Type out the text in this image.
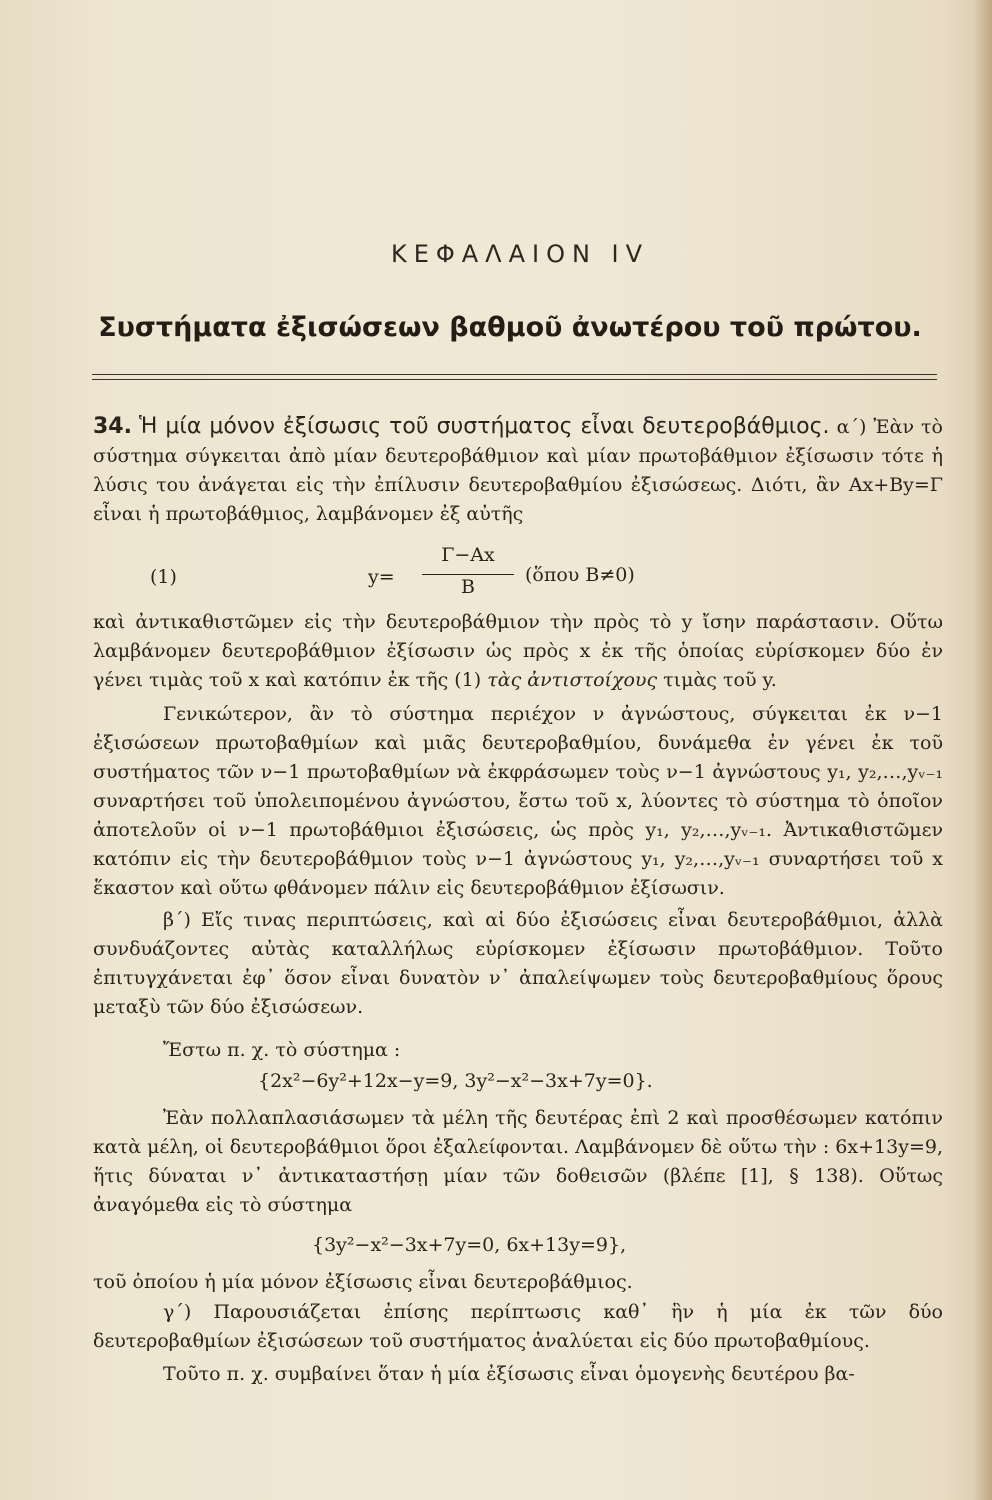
ΚΕΦΑΛΑΙΟΝ IV
Συστήματα ἐξισώσεων βαθμοῦ ἀνωτέρου τοῦ πρώτου.

34. Ἡ μία μόνον ἐξίσωσις τοῦ συστήματος εἶναι δευτεροβάθμιος. α΄) Ἐὰν τὸ σύστημα σύγκειται ἀπὸ μίαν δευτεροβάθμιον καὶ μίαν πρωτοβάθμιον ἐξίσωσιν τότε ἡ λύσις του ἀνάγεται εἰς τὴν ἐπίλυσιν δευτεροβαθμίου ἐξισώσεως. Διότι, ἂν Ax+By=Γ εἶναι ἡ πρωτοβάθμιος, λαμβάνομεν ἐξ αὐτῆς

(1)	y=
Γ−Ax
B
(ὅπου B≠0)

καὶ ἀντικαθιστῶμεν εἰς τὴν δευτεροβάθμιον τὴν πρὸς τὸ y ἴσην παράστασιν. Οὕτω λαμβάνομεν δευτεροβάθμιον ἐξίσωσιν ὡς πρὸς x ἐκ τῆς ὁποίας εὑρίσκομεν δύο ἐν γένει τιμὰς τοῦ x καὶ κατόπιν ἐκ τῆς (1) τὰς ἀντιστοίχους τιμὰς τοῦ y.

Γενικώτερον, ἂν τὸ σύστημα περιέχον ν ἀγνώστους, σύγκειται ἐκ ν−1 ἐξισώσεων πρωτοβαθμίων καὶ μιᾶς δευτεροβαθμίου, δυνάμεθα ἐν γένει ἐκ τοῦ συστήματος τῶν ν−1 πρωτοβαθμίων νὰ ἐκφράσωμεν τοὺς ν−1 ἀγνώστους y₁, y₂,…,yᵥ₋₁ συναρτήσει τοῦ ὑπολειπομένου ἀγνώστου, ἔστω τοῦ x, λύοντες τὸ σύστημα τὸ ὁποῖον ἀποτελοῦν οἱ ν−1 πρωτοβάθμιοι ἐξισώσεις, ὡς πρὸς y₁, y₂,…,yᵥ₋₁. Ἀντικαθιστῶμεν κατόπιν εἰς τὴν δευτεροβάθμιον τοὺς ν−1 ἀγνώστους y₁, y₂,…,yᵥ₋₁ συναρτήσει τοῦ x ἕκαστον καὶ οὕτω φθάνομεν πάλιν εἰς δευτεροβάθμιον ἐξίσωσιν.

β΄) Εἴς τινας περιπτώσεις, καὶ αἱ δύο ἐξισώσεις εἶναι δευτεροβάθμιοι, ἀλλὰ συνδυάζοντες αὐτὰς καταλλήλως εὑρίσκομεν ἐξίσωσιν πρωτοβάθμιον. Τοῦτο ἐπιτυγχάνεται ἐφ᾽ ὅσον εἶναι δυνατὸν ν᾽ ἀπαλείψωμεν τοὺς δευτεροβαθμίους ὅρους μεταξὺ τῶν δύο ἐξισώσεων.

Ἔστω π. χ. τὸ σύστημα :

{2x²−6y²+12x−y=9, 3y²−x²−3x+7y=0}.

Ἐὰν πολλαπλασιάσωμεν τὰ μέλη τῆς δευτέρας ἐπὶ 2 καὶ προσθέσωμεν κατόπιν κατὰ μέλη, οἱ δευτεροβάθμιοι ὅροι ἐξαλείφονται. Λαμβάνομεν δὲ οὕτω τὴν : 6x+13y=9, ἥτις δύναται ν᾽ ἀντικαταστήσῃ μίαν τῶν δοθεισῶν (βλέπε [1], § 138). Οὕτως ἀναγόμεθα εἰς τὸ σύστημα

{3y²−x²−3x+7y=0, 6x+13y=9},

τοῦ ὁποίου ἡ μία μόνον ἐξίσωσις εἶναι δευτεροβάθμιος.

γ΄) Παρουσιάζεται ἐπίσης περίπτωσις καθ᾽ ἣν ἡ μία ἐκ τῶν δύο δευτεροβαθμίων ἐξισώσεων τοῦ συστήματος ἀναλύεται εἰς δύο πρωτοβαθμίους.

Τοῦτο π. χ. συμβαίνει ὅταν ἡ μία ἐξίσωσις εἶναι ὁμογενὴς δευτέρου βα-
